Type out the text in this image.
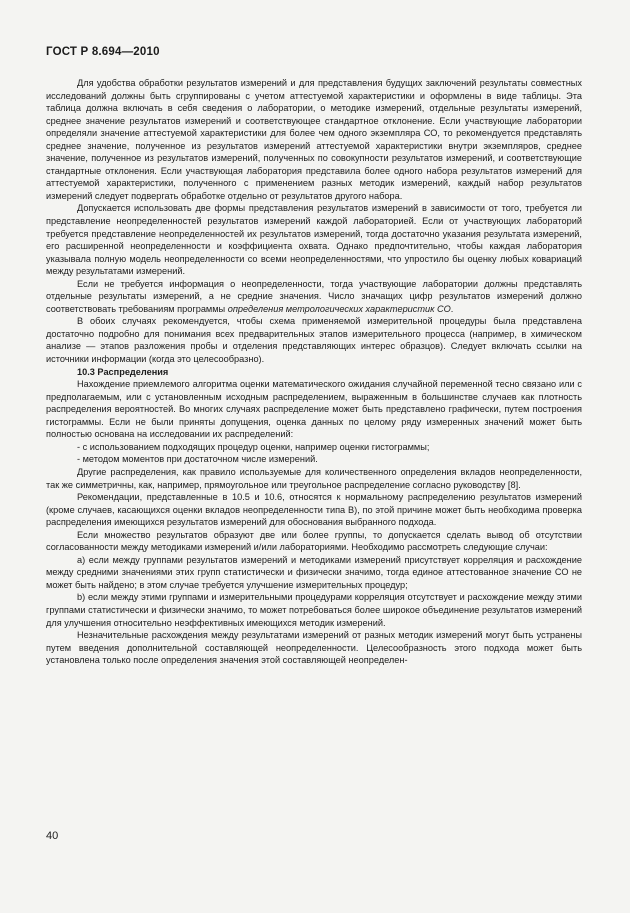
ГОСТ Р 8.694—2010

Для удобства обработки результатов измерений и для представления будущих заключений результаты совместных исследований должны быть сгруппированы с учетом аттестуемой характеристики и оформлены в виде таблицы. Эта таблица должна включать в себя сведения о лаборатории, о методике измерений, отдельные результаты измерений, среднее значение результатов измерений и соответствующее стандартное отклонение. Если участвующие лаборатории определяли значение аттестуемой характеристики для более чем одного экземпляра СО, то рекомендуется представлять среднее значение, полученное из результатов измерений аттестуемой характеристики внутри экземпляров, среднее значение, полученное из результатов измерений, полученных по совокупности результатов измерений, и соответствующие стандартные отклонения. Если участвующая лаборатория представила более одного набора результатов измерений для аттестуемой характеристики, полученного с применением разных методик измерений, каждый набор результатов измерений следует подвергать обработке отдельно от результатов другого набора.

Допускается использовать две формы представления результатов измерений в зависимости от того, требуется ли представление неопределенностей результатов измерений каждой лабораторией. Если от участвующих лабораторий требуется представление неопределенностей их результатов измерений, тогда достаточно указания результата измерений, его расширенной неопределенности и коэффициента охвата. Однако предпочтительно, чтобы каждая лаборатория указывала полную модель неопределенности со всеми неопределенностями, что упростило бы оценку любых ковариаций между результатами измерений.

Если не требуется информация о неопределенности, тогда участвующие лаборатории должны представлять отдельные результаты измерений, а не средние значения. Число значащих цифр результатов измерений должно соответствовать требованиям программы определения метрологических характеристик СО.

В обоих случаях рекомендуется, чтобы схема применяемой измерительной процедуры была представлена достаточно подробно для понимания всех предварительных этапов измерительного процесса (например, в химическом анализе — этапов разложения пробы и отделения представляющих интерес образцов). Следует включать ссылки на источники информации (когда это целесообразно).

10.3 Распределения

Нахождение приемлемого алгоритма оценки математического ожидания случайной переменной тесно связано или с предполагаемым, или с установленным исходным распределением, выраженным в большинстве случаев как плотность распределения вероятностей. Во многих случаях распределение может быть представлено графически, путем построения гистограммы. Если не были приняты допущения, оценка данных по целому ряду измеренных значений может быть полностью основана на исследовании их распределений:

- с использованием подходящих процедур оценки, например оценки гистограммы;

- методом моментов при достаточном числе измерений.

Другие распределения, как правило используемые для количественного определения вкладов неопределенности, так же симметричны, как, например, прямоугольное или треугольное распределение согласно руководству [8].

Рекомендации, представленные в 10.5 и 10.6, относятся к нормальному распределению результатов измерений (кроме случаев, касающихся оценки вкладов неопределенности типа В), по этой причине может быть необходима проверка распределения имеющихся результатов измерений для обоснования выбранного подхода.

Если множество результатов образуют две или более группы, то допускается сделать вывод об отсутствии согласованности между методиками измерений и/или лабораториями. Необходимо рассмотреть следующие случаи:

а) если между группами результатов измерений и методиками измерений присутствует корреляция и расхождение между средними значениями этих групп статистически и физически значимо, тогда единое аттестованное значение СО не может быть найдено; в этом случае требуется улучшение измерительных процедур;

b) если между этими группами и измерительными процедурами корреляция отсутствует и расхождение между этими группами статистически и физически значимо, то может потребоваться более широкое объединение результатов измерений для улучшения относительно неэффективных имеющихся методик измерений.

Незначительные расхождения между результатами измерений от разных методик измерений могут быть устранены путем введения дополнительной составляющей неопределенности. Целесообразность этого подхода может быть установлена только после определения значения этой составляющей неопределен-

40
